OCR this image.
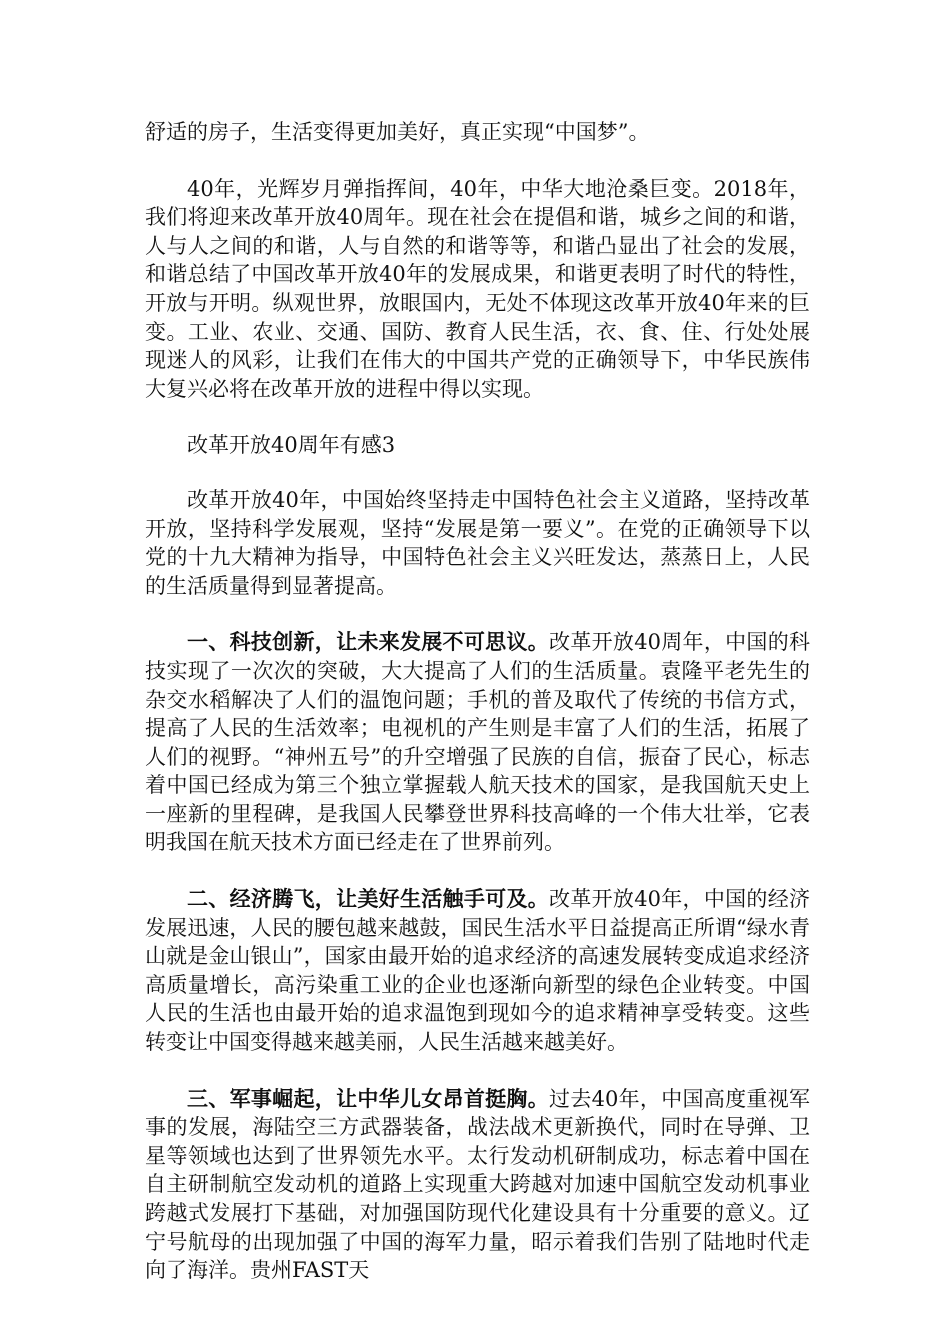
舒适的房子，生活变得更加美好，真正实现“中国梦”。

40年，光辉岁月弹指挥间，40年，中华大地沧桑巨变。2018年，我们将迎来改革开放40周年。现在社会在提倡和谐，城乡之间的和谐，人与人之间的和谐，人与自然的和谐等等，和谐凸显出了社会的发展，和谐总结了中国改革开放40年的发展成果，和谐更表明了时代的特性，开放与开明。纵观世界，放眼国内，无处不体现这改革开放40年来的巨变。工业、农业、交通、国防、教育人民生活，衣、食、住、行处处展现迷人的风彩，让我们在伟大的中国共产党的正确领导下，中华民族伟大复兴必将在改革开放的进程中得以实现。

改革开放40周年有感3

改革开放40年，中国始终坚持走中国特色社会主义道路，坚持改革开放，坚持科学发展观，坚持“发展是第一要义”。在党的正确领导下以党的十九大精神为指导，中国特色社会主义兴旺发达，蒸蒸日上，人民的生活质量得到显著提高。

一、科技创新，让未来发展不可思议。改革开放40周年，中国的科技实现了一次次的突破，大大提高了人们的生活质量。袁隆平老先生的杂交水稻解决了人们的温饱问题；手机的普及取代了传统的书信方式，提高了人民的生活效率；电视机的产生则是丰富了人们的生活，拓展了人们的视野。“神州五号”的升空增强了民族的自信，振奋了民心，标志着中国已经成为第三个独立掌握载人航天技术的国家，是我国航天史上一座新的里程碑，是我国人民攀登世界科技高峰的一个伟大壮举，它表明我国在航天技术方面已经走在了世界前列。

二、经济腾飞，让美好生活触手可及。改革开放40年，中国的经济发展迅速，人民的腰包越来越鼓，国民生活水平日益提高正所谓“绿水青山就是金山银山”，国家由最开始的追求经济的高速发展转变成追求经济高质量增长，高污染重工业的企业也逐渐向新型的绿色企业转变。中国人民的生活也由最开始的追求温饱到现如今的追求精神享受转变。这些转变让中国变得越来越美丽，人民生活越来越美好。

三、军事崛起，让中华儿女昂首挺胸。过去40年，中国高度重视军事的发展，海陆空三方武器装备，战法战术更新换代，同时在导弹、卫星等领域也达到了世界领先水平。太行发动机研制成功，标志着中国在自主研制航空发动机的道路上实现重大跨越对加速中国航空发动机事业跨越式发展打下基础，对加强国防现代化建设具有十分重要的意义。辽宁号航母的出现加强了中国的海军力量，昭示着我们告别了陆地时代走向了海洋。贵州FAST天
